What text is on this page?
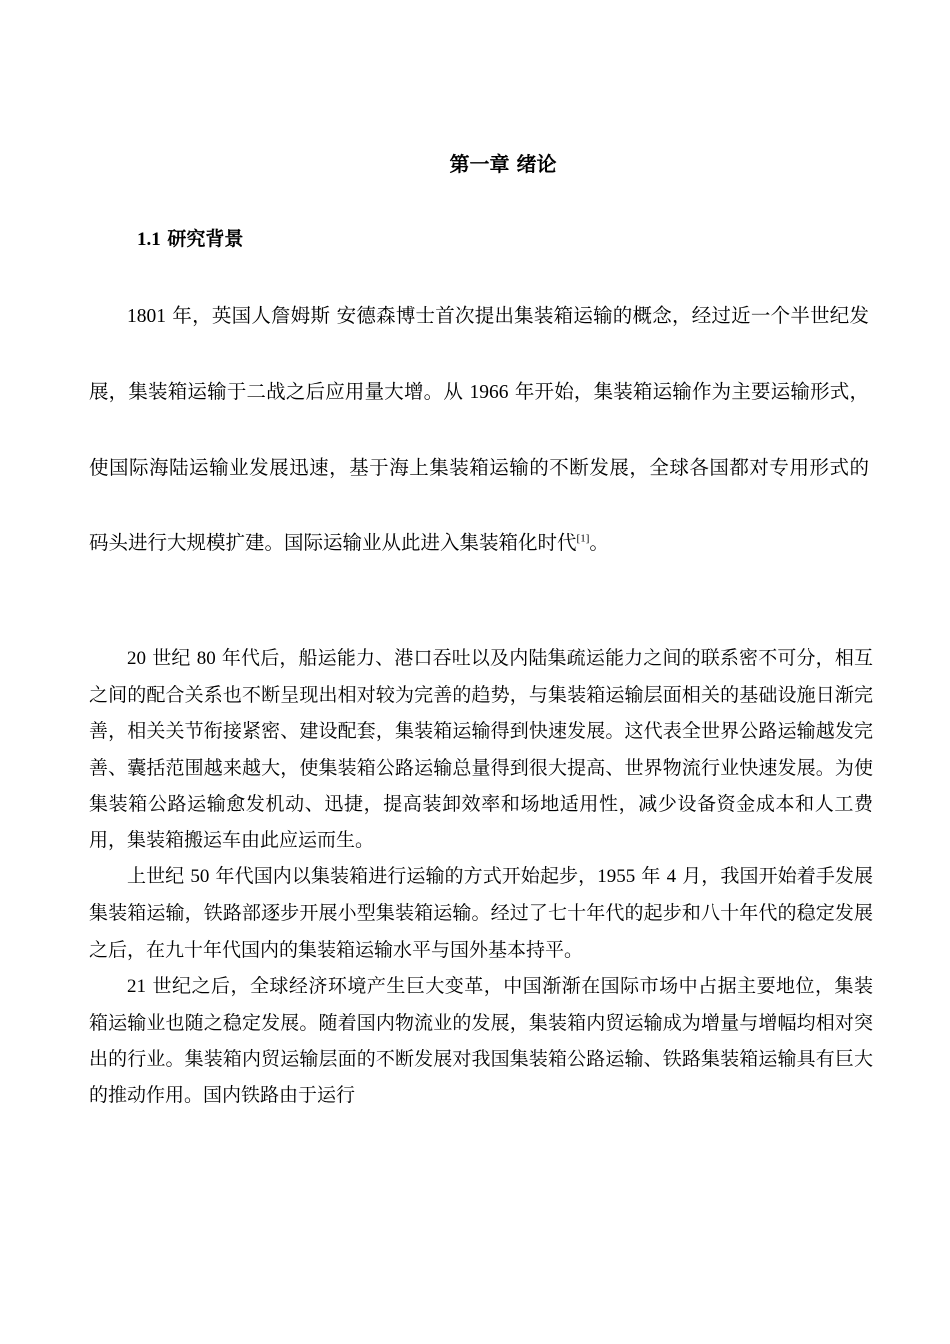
第一章 绪论
1.1 研究背景

1801 年，英国人詹姆斯 安德森博士首次提出集装箱运输的概念，经过近一个半世纪发展，集装箱运输于二战之后应用量大增。从 1966 年开始，集装箱运输作为主要运输形式，使国际海陆运输业发展迅速，基于海上集装箱运输的不断发展，全球各国都对专用形式的码头进行大规模扩建。国际运输业从此进入集装箱化时代[1]。

20 世纪 80 年代后，船运能力、港口吞吐以及内陆集疏运能力之间的联系密不可分，相互之间的配合关系也不断呈现出相对较为完善的趋势，与集装箱运输层面相关的基础设施日渐完善，相关关节衔接紧密、建设配套，集装箱运输得到快速发展。这代表全世界公路运输越发完善、囊括范围越来越大，使集装箱公路运输总量得到很大提高、世界物流行业快速发展。为使集装箱公路运输愈发机动、迅捷，提高装卸效率和场地适用性，减少设备资金成本和人工费用，集装箱搬运车由此应运而生。

上世纪 50 年代国内以集装箱进行运输的方式开始起步，1955 年 4 月，我国开始着手发展集装箱运输，铁路部逐步开展小型集装箱运输。经过了七十年代的起步和八十年代的稳定发展之后，在九十年代国内的集装箱运输水平与国外基本持平。

21 世纪之后，全球经济环境产生巨大变革，中国渐渐在国际市场中占据主要地位，集装箱运输业也随之稳定发展。随着国内物流业的发展，集装箱内贸运输成为增量与增幅均相对突出的行业。集装箱内贸运输层面的不断发展对我国集装箱公路运输、铁路集装箱运输具有巨大的推动作用。国内铁路由于运行
